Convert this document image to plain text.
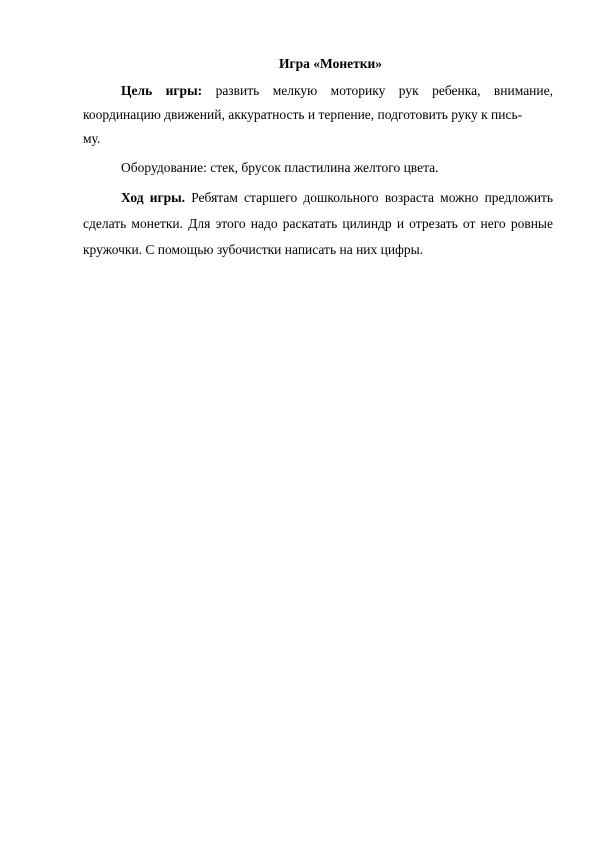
Игра «Монетки»

Цель игры: развить мелкую моторику рук ребенка, внимание, координацию движений, аккуратность и терпение, подготовить руку к пись-
му.

Оборудование: стек, брусок пластилина желтого цвета.

Ход игры. Ребятам старшего дошкольного возраста можно предложить сделать монетки. Для этого надо раскатать цилиндр и отрезать от него ровные кружочки. С помощью зубочистки написать на них цифры.
